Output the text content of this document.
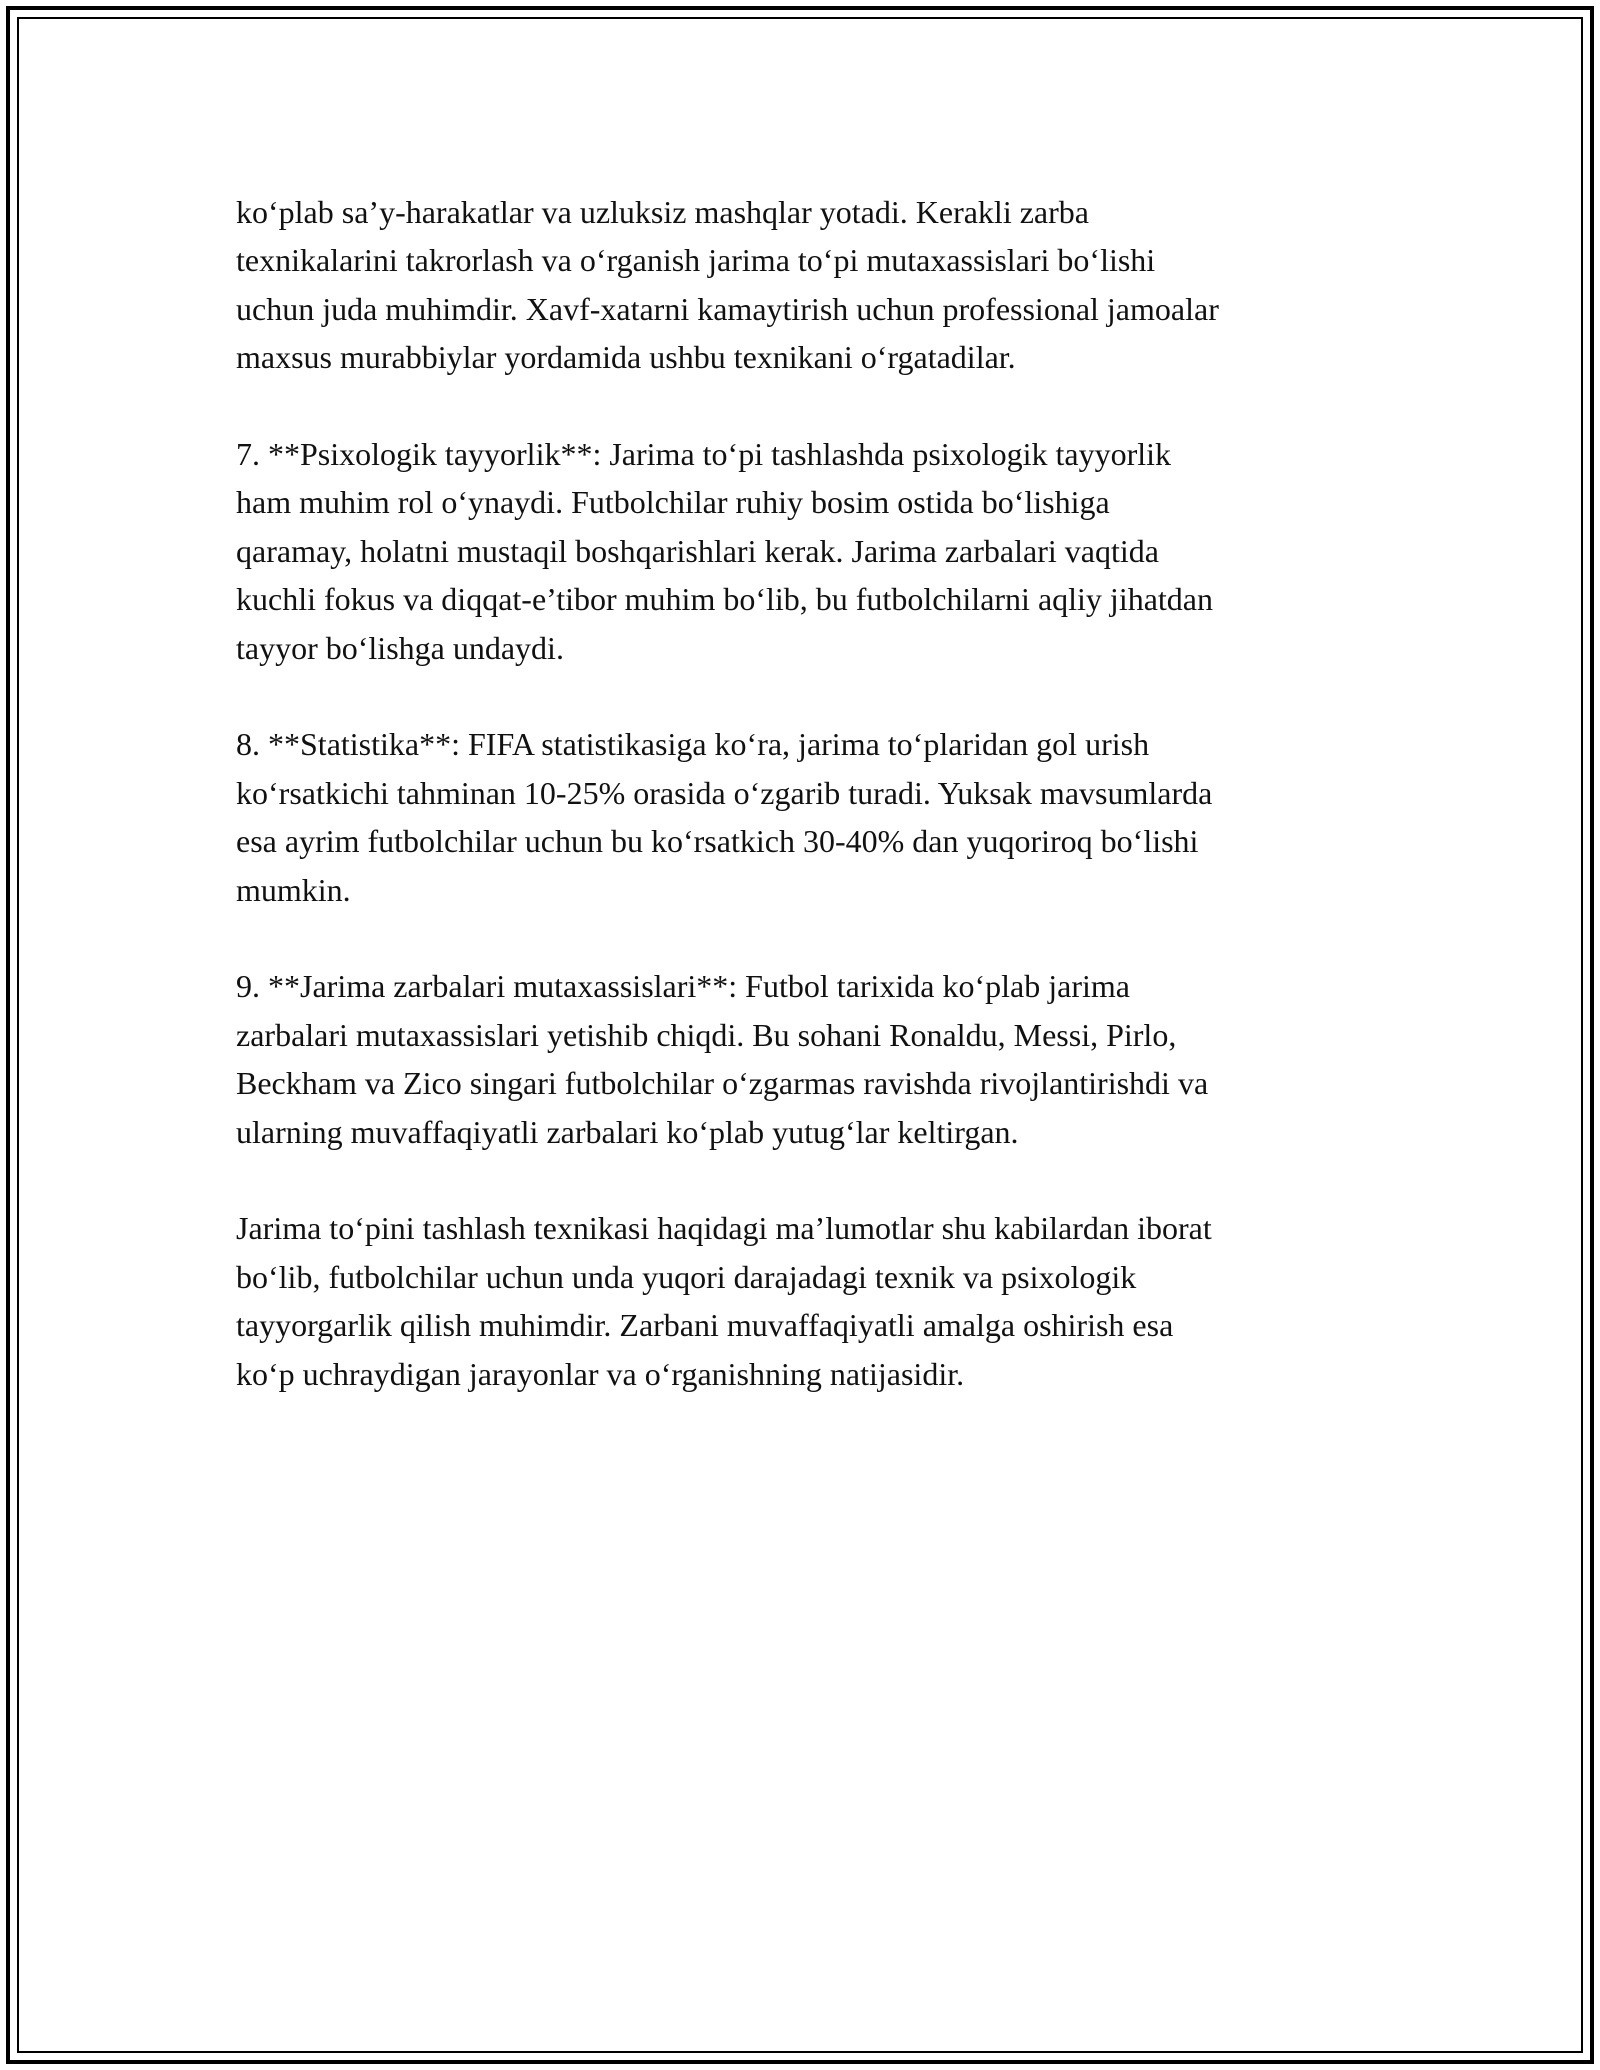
ko‘plab sa’y-harakatlar va uzluksiz mashqlar yotadi. Kerakli zarba
texnikalarini takrorlash va o‘rganish jarima to‘pi mutaxassislari bo‘lishi
uchun juda muhimdir. Xavf-xatarni kamaytirish uchun professional jamoalar
maxsus murabbiylar yordamida ushbu texnikani o‘rgatadilar.

7. **Psixologik tayyorlik**: Jarima to‘pi tashlashda psixologik tayyorlik
ham muhim rol o‘ynaydi. Futbolchilar ruhiy bosim ostida bo‘lishiga
qaramay, holatni mustaqil boshqarishlari kerak. Jarima zarbalari vaqtida
kuchli fokus va diqqat-e’tibor muhim bo‘lib, bu futbolchilarni aqliy jihatdan
tayyor bo‘lishga undaydi.

8. **Statistika**: FIFA statistikasiga ko‘ra, jarima to‘plaridan gol urish
ko‘rsatkichi tahminan 10-25% orasida o‘zgarib turadi. Yuksak mavsumlarda
esa ayrim futbolchilar uchun bu ko‘rsatkich 30-40% dan yuqoriroq bo‘lishi
mumkin.

9. **Jarima zarbalari mutaxassislari**: Futbol tarixida ko‘plab jarima
zarbalari mutaxassislari yetishib chiqdi. Bu sohani Ronaldu, Messi, Pirlo,
Beckham va Zico singari futbolchilar o‘zgarmas ravishda rivojlantirishdi va
ularning muvaffaqiyatli zarbalari ko‘plab yutug‘lar keltirgan.

Jarima to‘pini tashlash texnikasi haqidagi ma’lumotlar shu kabilardan iborat
bo‘lib, futbolchilar uchun unda yuqori darajadagi texnik va psixologik
tayyorgarlik qilish muhimdir. Zarbani muvaffaqiyatli amalga oshirish esa
ko‘p uchraydigan jarayonlar va o‘rganishning natijasidir.
